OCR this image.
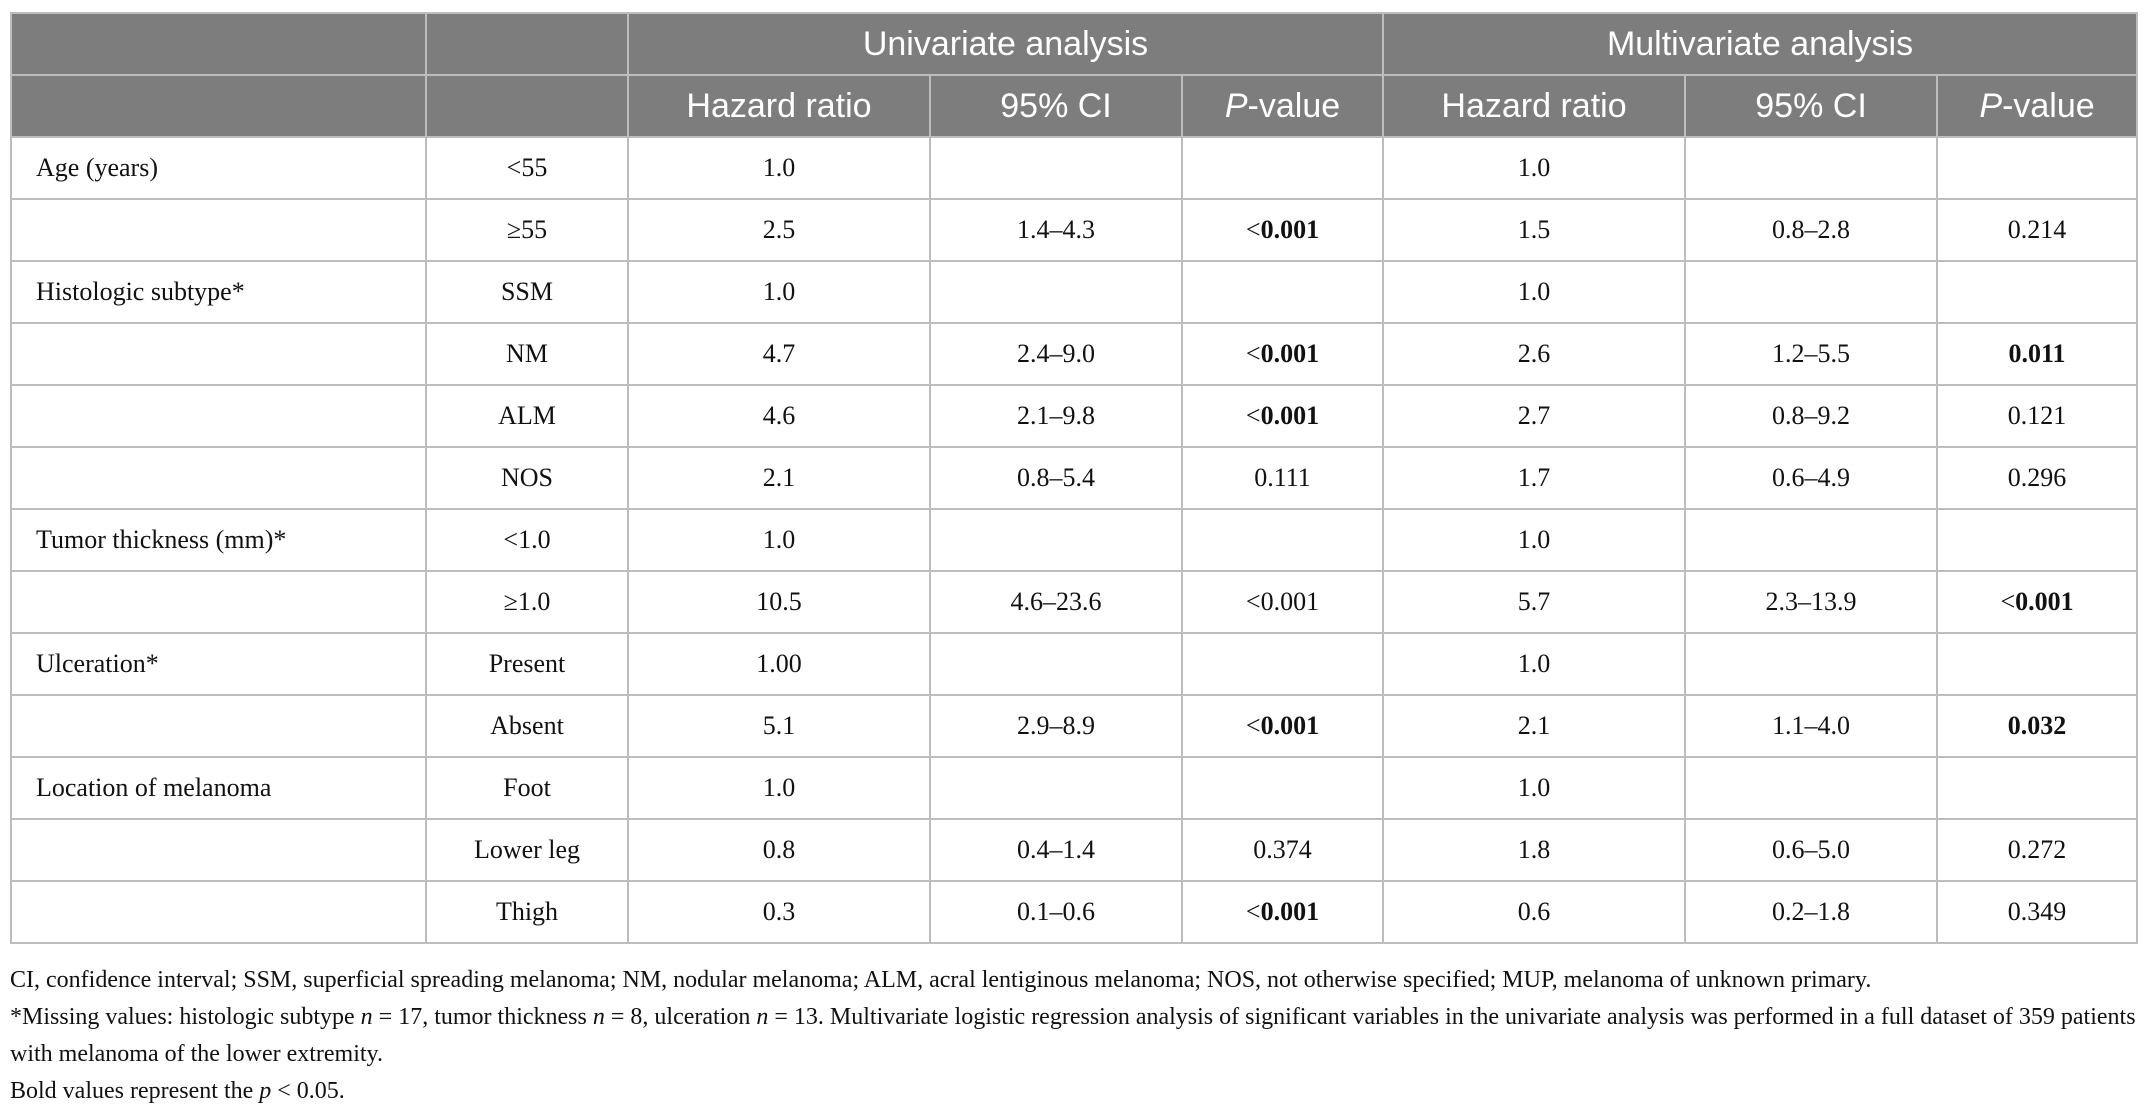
		Univariate analysis			Multivariate analysis		
		Hazard ratio	95% CI	P-value	Hazard ratio	95% CI	P-value
Age (years)	<55	1.0			1.0		
	≥55	2.5	1.4–4.3	<0.001	1.5	0.8–2.8	0.214
Histologic subtype*	SSM	1.0			1.0		
	NM	4.7	2.4–9.0	<0.001	2.6	1.2–5.5	0.011
	ALM	4.6	2.1–9.8	<0.001	2.7	0.8–9.2	0.121
	NOS	2.1	0.8–5.4	0.111	1.7	0.6–4.9	0.296
Tumor thickness (mm)*	<1.0	1.0			1.0		
	≥1.0	10.5	4.6–23.6	<0.001	5.7	2.3–13.9	<0.001
Ulceration*	Present	1.00			1.0		
	Absent	5.1	2.9–8.9	<0.001	2.1	1.1–4.0	0.032
Location of melanoma	Foot	1.0			1.0		
	Lower leg	0.8	0.4–1.4	0.374	1.8	0.6–5.0	0.272
	Thigh	0.3	0.1–0.6	<0.001	0.6	0.2–1.8	0.349

CI, confidence interval; SSM, superficial spreading melanoma; NM, nodular melanoma; ALM, acral lentiginous melanoma; NOS, not otherwise specified; MUP, melanoma of unknown primary.

*Missing values: histologic subtype n = 17, tumor thickness n = 8, ulceration n = 13. Multivariate logistic regression analysis of significant variables in the univariate analysis was performed in a full dataset of 359 patients with melanoma of the lower extremity.

Bold values represent the p < 0.05.
